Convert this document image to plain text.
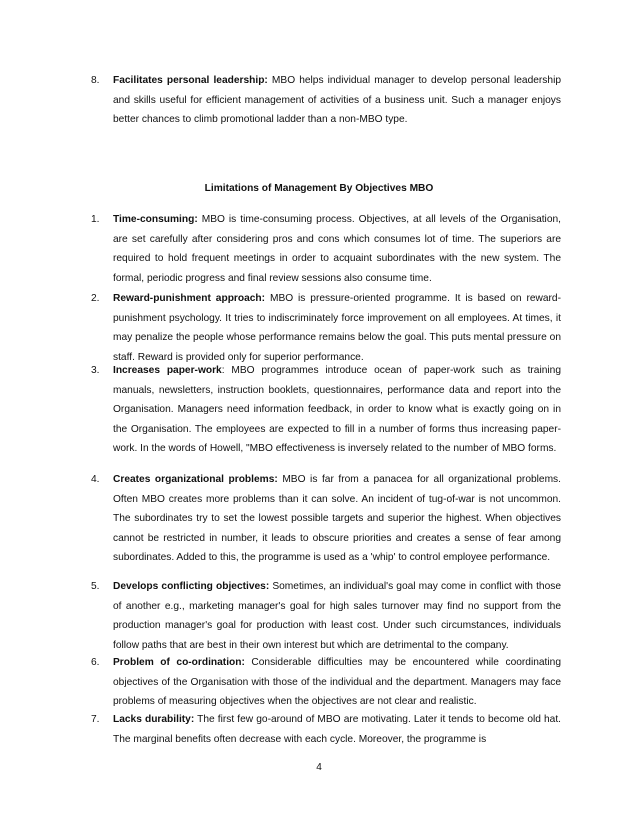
8. Facilitates personal leadership: MBO helps individual manager to develop personal leadership and skills useful for efficient management of activities of a business unit. Such a manager enjoys better chances to climb promotional ladder than a non-MBO type.
Limitations of Management By Objectives MBO
1. Time-consuming: MBO is time-consuming process. Objectives, at all levels of the Organisation, are set carefully after considering pros and cons which consumes lot of time. The superiors are required to hold frequent meetings in order to acquaint subordinates with the new system. The formal, periodic progress and final review sessions also consume time.
2. Reward-punishment approach: MBO is pressure-oriented programme. It is based on reward-punishment psychology. It tries to indiscriminately force improvement on all employees. At times, it may penalize the people whose performance remains below the goal. This puts mental pressure on staff. Reward is provided only for superior performance.
3. Increases paper-work: MBO programmes introduce ocean of paper-work such as training manuals, newsletters, instruction booklets, questionnaires, performance data and report into the Organisation. Managers need information feedback, in order to know what is exactly going on in the Organisation. The employees are expected to fill in a number of forms thus increasing paper-work. In the words of Howell, "MBO effectiveness is inversely related to the number of MBO forms.
4. Creates organizational problems: MBO is far from a panacea for all organizational problems. Often MBO creates more problems than it can solve. An incident of tug-of-war is not uncommon. The subordinates try to set the lowest possible targets and superior the highest. When objectives cannot be restricted in number, it leads to obscure priorities and creates a sense of fear among subordinates. Added to this, the programme is used as a 'whip' to control employee performance.
5. Develops conflicting objectives: Sometimes, an individual's goal may come in conflict with those of another e.g., marketing manager's goal for high sales turnover may find no support from the production manager's goal for production with least cost. Under such circumstances, individuals follow paths that are best in their own interest but which are detrimental to the company.
6. Problem of co-ordination: Considerable difficulties may be encountered while coordinating objectives of the Organisation with those of the individual and the department. Managers may face problems of measuring objectives when the objectives are not clear and realistic.
7. Lacks durability: The first few go-around of MBO are motivating. Later it tends to become old hat. The marginal benefits often decrease with each cycle. Moreover, the programme is
4
